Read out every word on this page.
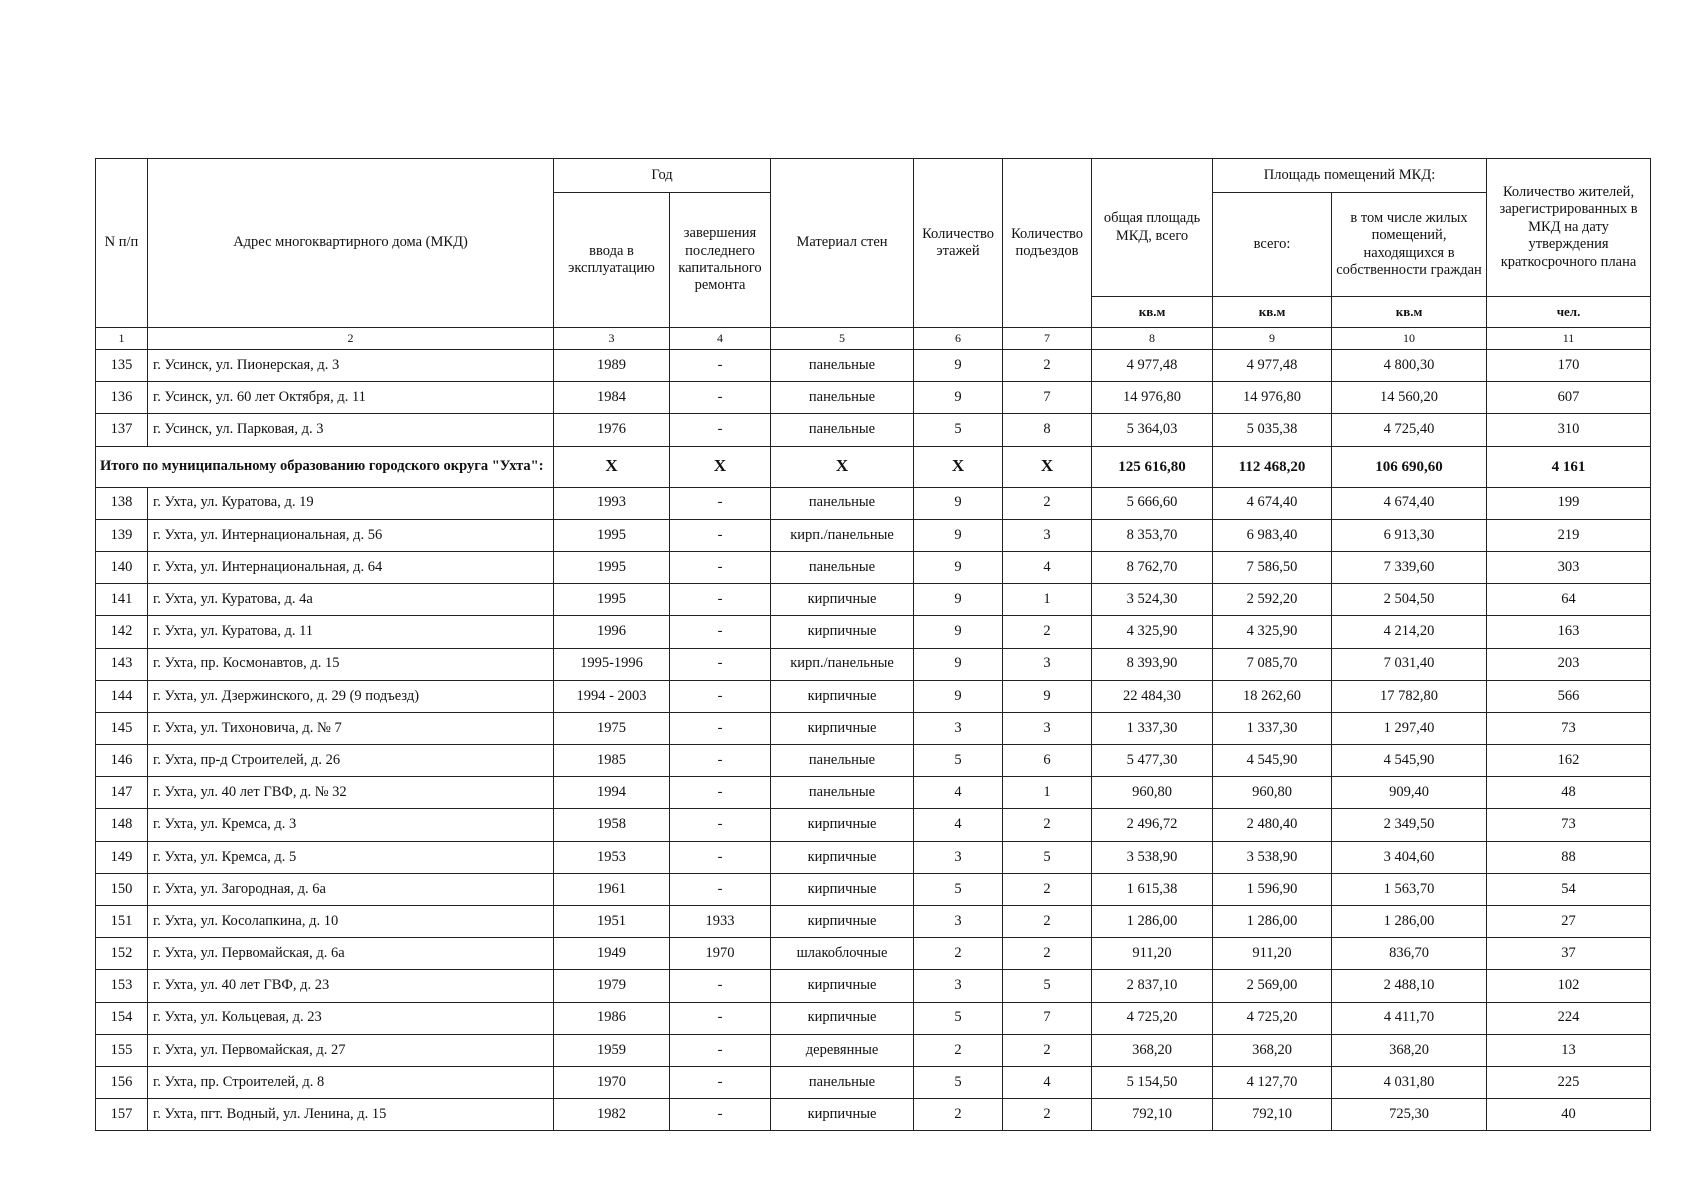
N п/п	Адрес многоквартирного дома (МКД)	Год		Материал стен	Количество этажей	Количество подъездов	общая площадь МКД, всего	Площадь помещений МКД:		Количество жителей, зарегистрированных в МКД на дату утверждения краткосрочного плана
		ввода в эксплуатацию	завершения последнего капитального ремонта					всего:	в том числе жилых помещений, находящихся в собственности граждан	
							кв.м	кв.м	кв.м	чел.
1	2	3	4	5	6	7	8	9	10	11
135	г. Усинск, ул. Пионерская, д. 3	1989	-	панельные	9	2	4 977,48	4 977,48	4 800,30	170
136	г. Усинск, ул. 60 лет Октября, д. 11	1984	-	панельные	9	7	14 976,80	14 976,80	14 560,20	607
137	г. Усинск, ул. Парковая, д. 3	1976	-	панельные	5	8	5 364,03	5 035,38	4 725,40	310
Итого по муниципальному образованию городского округа "Ухта":		X	X	X	X	X	125 616,80	112 468,20	106 690,60	4 161
138	г. Ухта, ул. Куратова, д. 19	1993	-	панельные	9	2	5 666,60	4 674,40	4 674,40	199
139	г. Ухта, ул. Интернациональная, д. 56	1995	-	кирп./панельные	9	3	8 353,70	6 983,40	6 913,30	219
140	г. Ухта, ул. Интернациональная, д. 64	1995	-	панельные	9	4	8 762,70	7 586,50	7 339,60	303
141	г. Ухта, ул. Куратова, д. 4а	1995	-	кирпичные	9	1	3 524,30	2 592,20	2 504,50	64
142	г. Ухта, ул. Куратова, д. 11	1996	-	кирпичные	9	2	4 325,90	4 325,90	4 214,20	163
143	г. Ухта, пр. Космонавтов, д. 15	1995-1996	-	кирп./панельные	9	3	8 393,90	7 085,70	7 031,40	203
144	г. Ухта, ул. Дзержинского, д. 29 (9 подъезд)	1994 - 2003	-	кирпичные	9	9	22 484,30	18 262,60	17 782,80	566
145	г. Ухта, ул. Тихоновича, д. № 7	1975	-	кирпичные	3	3	1 337,30	1 337,30	1 297,40	73
146	г. Ухта, пр-д Строителей, д. 26	1985	-	панельные	5	6	5 477,30	4 545,90	4 545,90	162
147	г. Ухта, ул. 40 лет ГВФ, д. № 32	1994	-	панельные	4	1	960,80	960,80	909,40	48
148	г. Ухта, ул. Кремса, д. 3	1958	-	кирпичные	4	2	2 496,72	2 480,40	2 349,50	73
149	г. Ухта, ул. Кремса, д. 5	1953	-	кирпичные	3	5	3 538,90	3 538,90	3 404,60	88
150	г. Ухта, ул. Загородная, д. 6а	1961	-	кирпичные	5	2	1 615,38	1 596,90	1 563,70	54
151	г. Ухта, ул. Косолапкина, д. 10	1951	1933	кирпичные	3	2	1 286,00	1 286,00	1 286,00	27
152	г. Ухта, ул. Первомайская, д. 6а	1949	1970	шлакоблочные	2	2	911,20	911,20	836,70	37
153	г. Ухта, ул. 40 лет ГВФ, д. 23	1979	-	кирпичные	3	5	2 837,10	2 569,00	2 488,10	102
154	г. Ухта, ул. Кольцевая, д. 23	1986	-	кирпичные	5	7	4 725,20	4 725,20	4 411,70	224
155	г. Ухта, ул. Первомайская, д. 27	1959	-	деревянные	2	2	368,20	368,20	368,20	13
156	г. Ухта, пр. Строителей, д. 8	1970	-	панельные	5	4	5 154,50	4 127,70	4 031,80	225
157	г. Ухта, пгт. Водный, ул. Ленина, д. 15	1982	-	кирпичные	2	2	792,10	792,10	725,30	40
